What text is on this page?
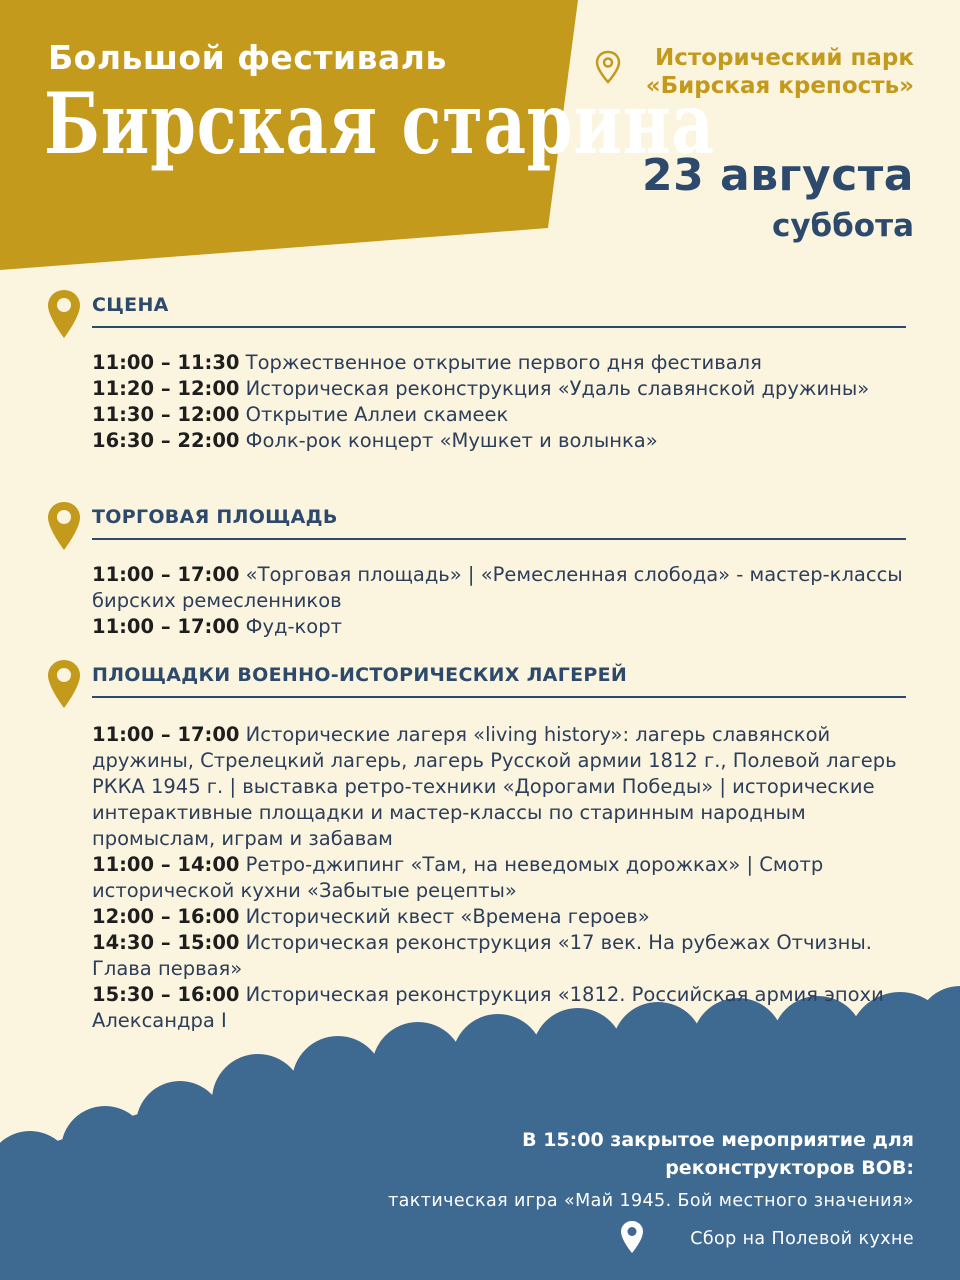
Большой фестиваль
Бирская старина
Исторический парк
«Бирская крепость»
23 августа
суббота
СЦЕНА
11:00 – 11:30 Торжественное открытие первого дня фестиваля
11:20 – 12:00 Историческая реконструкция «Удаль славянской дружины»
11:30 – 12:00 Открытие Аллеи скамеек
16:30 – 22:00 Фолк-рок концерт «Мушкет и волынка»
ТОРГОВАЯ ПЛОЩАДЬ
11:00 – 17:00 «Торговая площадь» | «Ремесленная слобода» - мастер-классы бирских ремесленников
11:00 – 17:00 Фуд-корт
ПЛОЩАДКИ ВОЕННО-ИСТОРИЧЕСКИХ ЛАГЕРЕЙ
11:00 – 17:00 Исторические лагеря «living history»: лагерь славянской дружины, Стрелецкий лагерь, лагерь Русской армии 1812 г., Полевой лагерь РККА 1945 г. | выставка ретро-техники «Дорогами Победы» | исторические интерактивные площадки и мастер-классы по старинным народным промыслам, играм и забавам
11:00 – 14:00 Ретро-джипинг «Там, на неведомых дорожках» | Смотр исторической кухни «Забытые рецепты»
12:00 – 16:00 Исторический квест «Времена героев»
14:30 – 15:00 Историческая реконструкция «17 век. На рубежах Отчизны. Глава первая»
15:30 – 16:00 Историческая реконструкция «1812. Российская армия эпохи Александра I
В 15:00 закрытое мероприятие для
реконструкторов ВОВ:
тактическая игра «Май 1945. Бой местного значения»
Сбор на Полевой кухне
